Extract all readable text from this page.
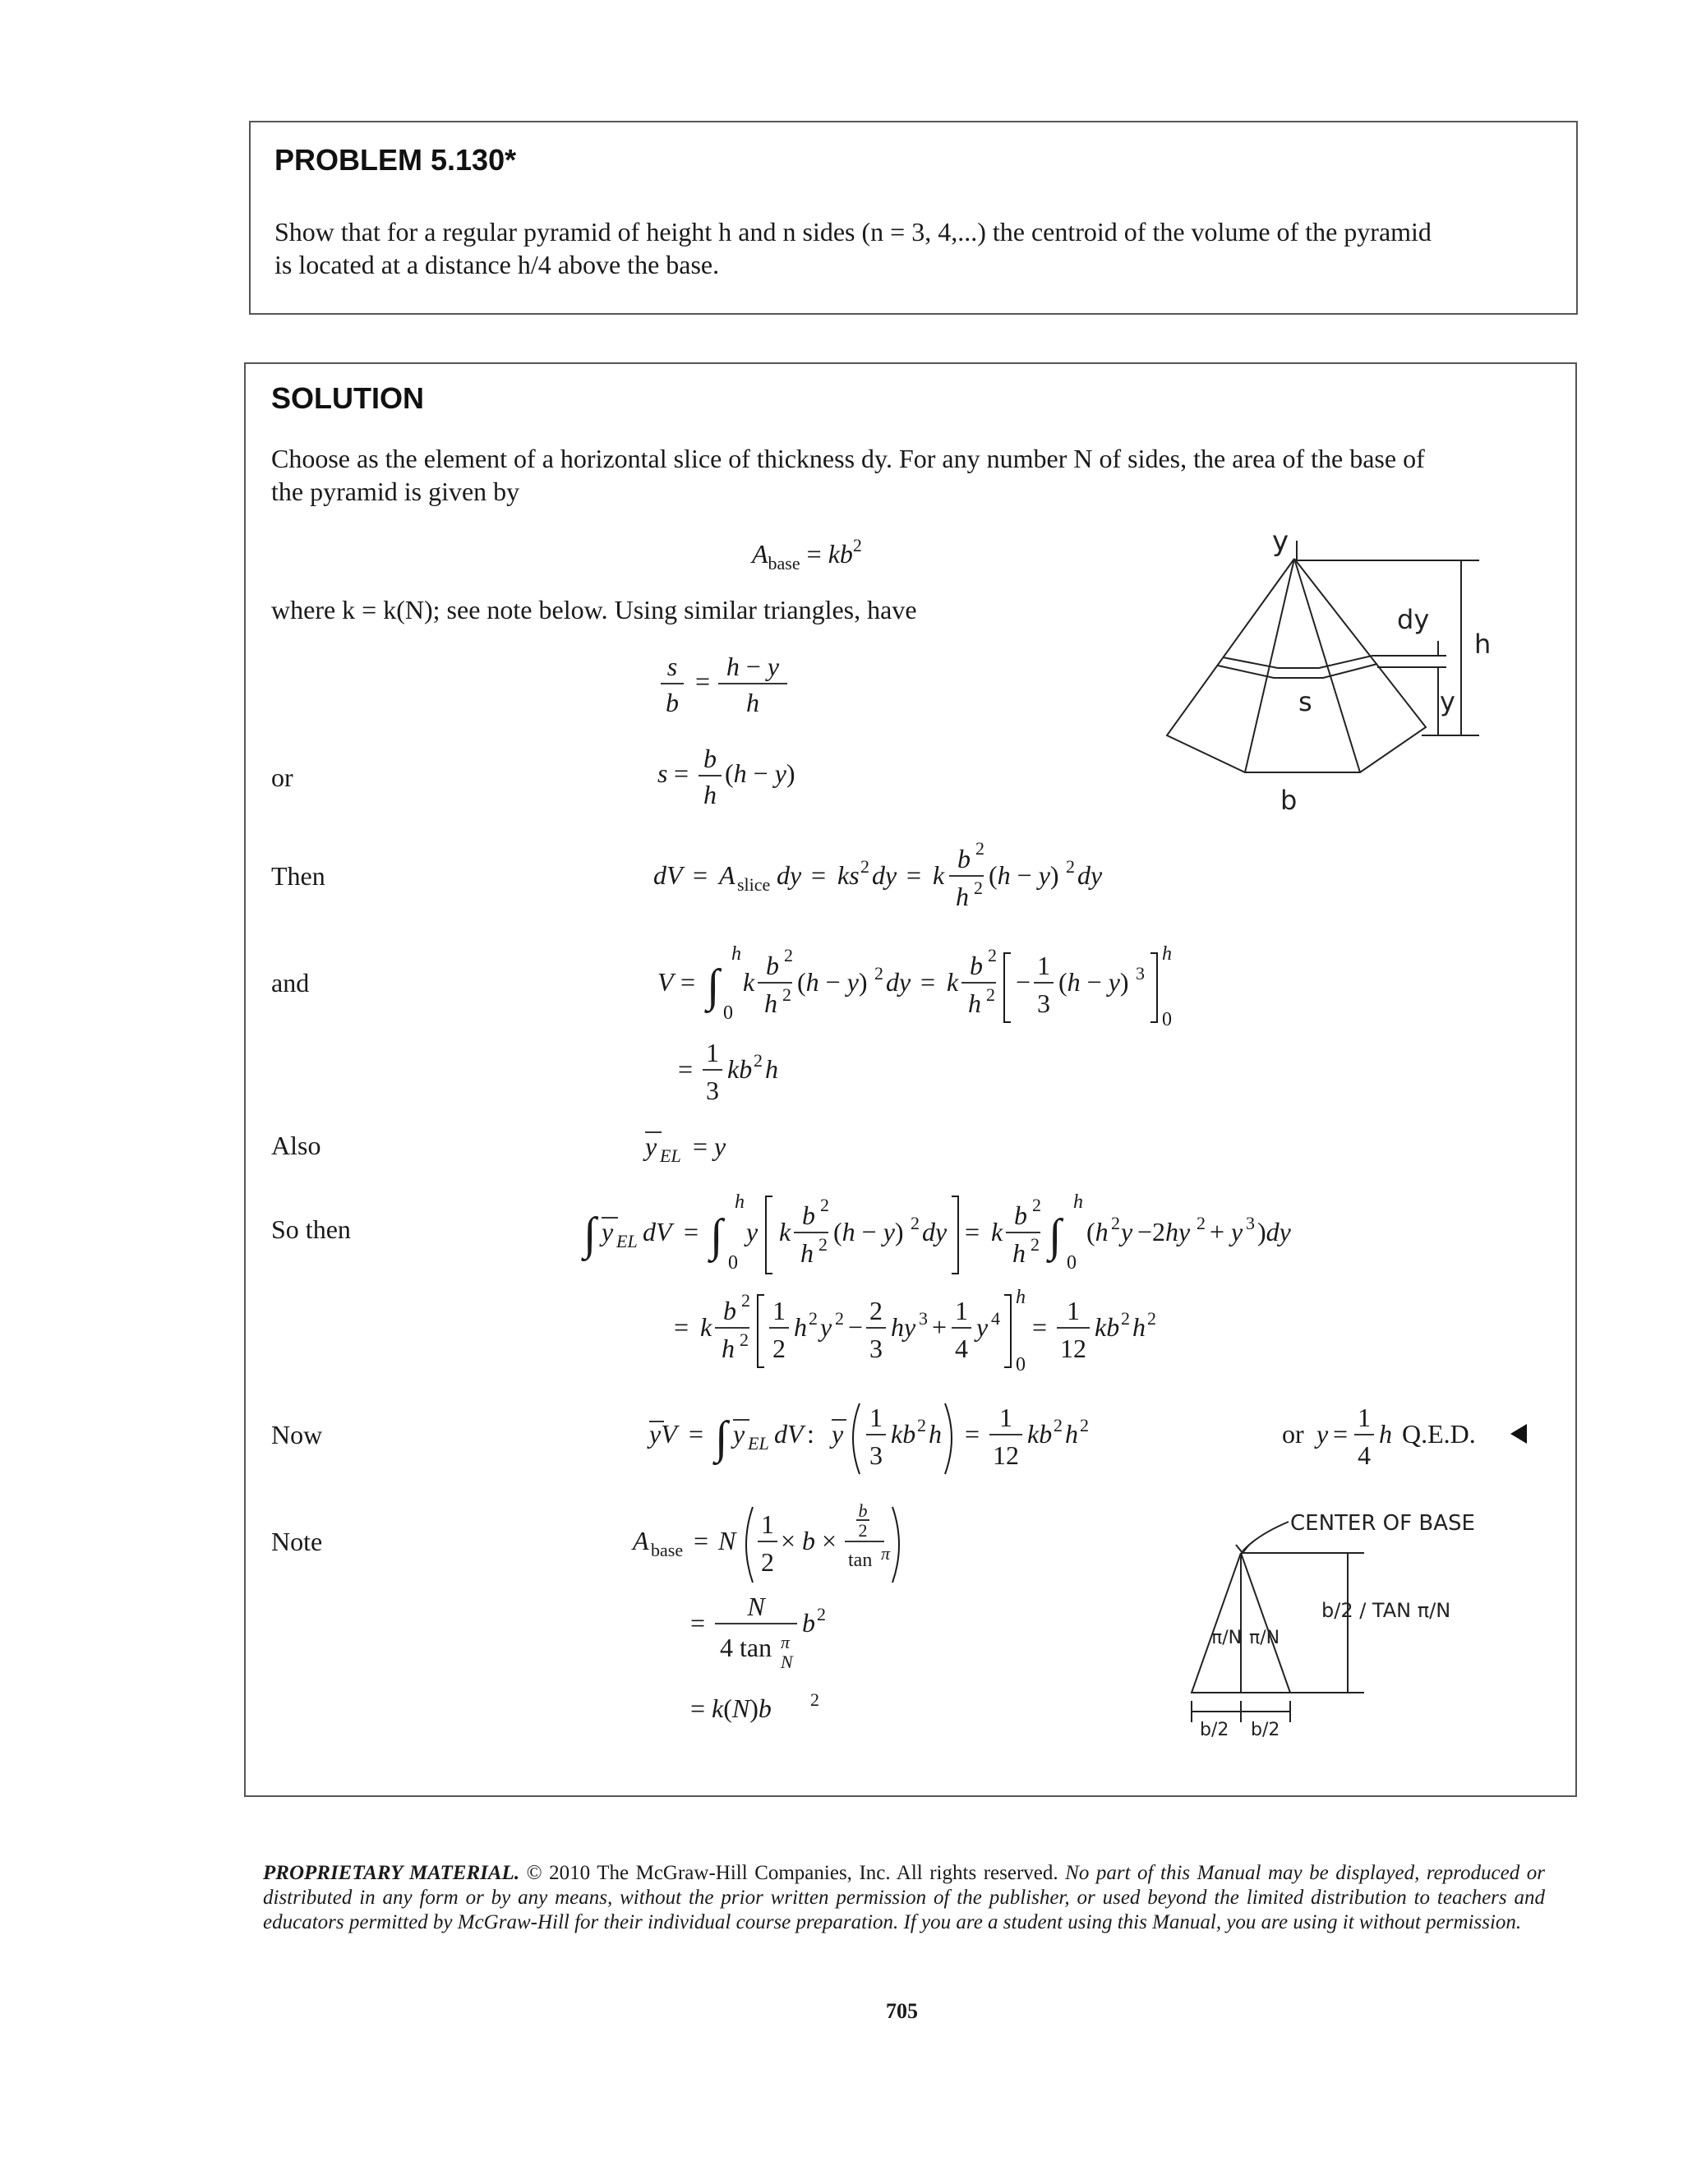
PROBLEM 5.130*
Show that for a regular pyramid of height h and n sides (n = 3, 4,...) the centroid of the volume of the pyramid
is located at a distance h/4 above the base.
SOLUTION
Choose as the element of a horizontal slice of thickness dy. For any number N of sides, the area of the base of
the pyramid is given by
$A_{base} = kb^2$
where k = k(N); see note below. Using similar triangles, have
s
b
= h − y
h
or	s = b
h
(h − y)
Then	dV = A slice dy = ks 2 dy = k
b 2
h 2 (h − y) 2 dy
and	V = ∫
h
0
k
b 2
h 2 (h − y) 2 dy = k
b 2
h 2 −
1
3
(h − y) 3
h
0
=
1
3
kb 2 h
Also	y EL = y
So then	∫ y EL dV = ∫
h
0
y k
b 2
h 2 (h − y) 2 dy = k
b 2
h 2 ∫
h
0
(h 2 y −2hy 2 + y 3 )dy
= k
b 2
h 2
1
2
h 2 y 2 −
2
3
hy 3 +
1
4
y 4
h
0
=
1
12
kb 2 h 2
Now	yV = ∫ y EL dV : y
1
3
kb 2 h =
1
12
kb 2 h 2	or y =
1
4
h Q.E.D.
Note	A base = N
1
2
× b ×
b
2
tan π
=
N
4 tan π
N
b 2
= k(N)b 2
y
dy
h
y
s
b
CENTER OF BASE
b/2 / TAN π/N
π/N π/N
b/2 b/2
PROPRIETARY MATERIAL. © 2010 The McGraw-Hill Companies, Inc. All rights reserved. No part of this Manual may be displayed, reproduced or distributed in any form or by any means, without the prior written permission of the publisher, or used beyond the limited distribution to teachers and educators permitted by McGraw-Hill for their individual course preparation. If you are a student using this Manual, you are using it without permission.
705
